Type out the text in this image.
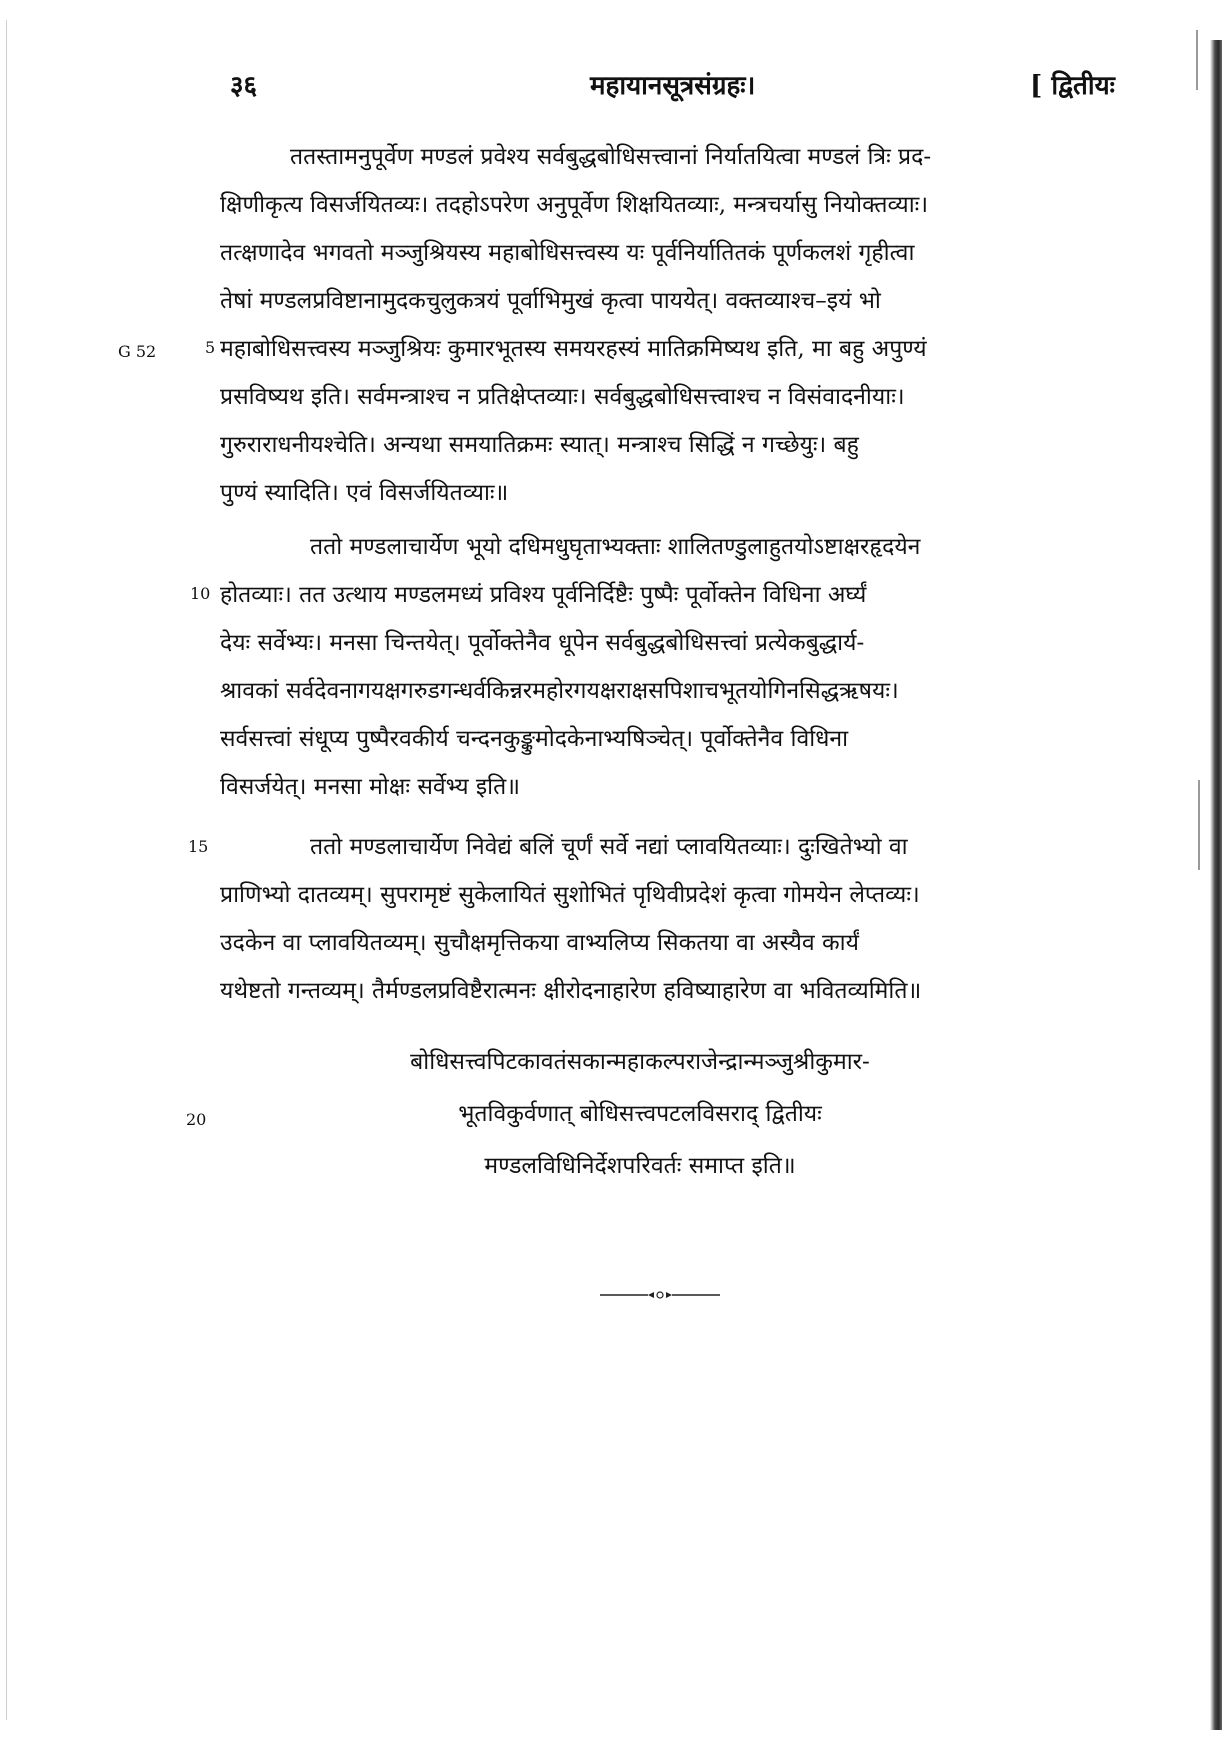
३६	महायानसूत्रसंग्रहः।	[ द्वितीयः
G 52	5
10
15
20
ततस्तामनुपूर्वेण मण्डलं प्रवेश्य सर्वबुद्धबोधिसत्त्वानां निर्यातयित्वा मण्डलं त्रिः प्रद-
क्षिणीकृत्य विसर्जयितव्यः। तदहोऽपरेण अनुपूर्वेण शिक्षयितव्याः, मन्त्रचर्यासु नियोक्तव्याः।
तत्क्षणादेव भगवतो मञ्जुश्रियस्य महाबोधिसत्त्वस्य यः पूर्वनिर्यातितकं पूर्णकलशं गृहीत्वा
तेषां मण्डलप्रविष्टानामुदकचुलुकत्रयं पूर्वाभिमुखं कृत्वा पाययेत्। वक्तव्याश्च–इयं भो
महाबोधिसत्त्वस्य मञ्जुश्रियः कुमारभूतस्य समयरहस्यं मातिक्रमिष्यथ इति, मा बहु अपुण्यं
प्रसविष्यथ इति। सर्वमन्त्राश्च न प्रतिक्षेप्तव्याः। सर्वबुद्धबोधिसत्त्वाश्च न विसंवादनीयाः।
गुरुराराधनीयश्चेति। अन्यथा समयातिक्रमः स्यात्। मन्त्राश्च सिद्धिं न गच्छेयुः। बहु
पुण्यं स्यादिति। एवं विसर्जयितव्याः॥
ततो मण्डलाचार्येण भूयो दधिमधुघृताभ्यक्ताः शालितण्डुलाहुतयोऽष्टाक्षरहृदयेन
होतव्याः। तत उत्थाय मण्डलमध्यं प्रविश्य पूर्वनिर्दिष्टैः पुष्पैः पूर्वोक्तेन विधिना अर्घ्यं
देयः सर्वेभ्यः। मनसा चिन्तयेत्। पूर्वोक्तेनैव धूपेन सर्वबुद्धबोधिसत्त्वां प्रत्येकबुद्धार्य-
श्रावकां सर्वदेवनागयक्षगरुडगन्धर्वकिन्नरमहोरगयक्षराक्षसपिशाचभूतयोगिनसिद्धऋषयः।
सर्वसत्त्वां संधूप्य पुष्पैरवकीर्य चन्दनकुङ्कुमोदकेनाभ्यषिञ्चेत्। पूर्वोक्तेनैव विधिना
विसर्जयेत्। मनसा मोक्षः सर्वेभ्य इति॥
ततो मण्डलाचार्येण निवेद्यं बलिं चूर्णं सर्वे नद्यां प्लावयितव्याः। दुःखितेभ्यो वा
प्राणिभ्यो दातव्यम्। सुपरामृष्टं सुकेलायितं सुशोभितं पृथिवीप्रदेशं कृत्वा गोमयेन लेप्तव्यः।
उदकेन वा प्लावयितव्यम्। सुचौक्षमृत्तिकया वाभ्यलिप्य सिकतया वा अस्यैव कार्यं
यथेष्टतो गन्तव्यम्। तैर्मण्डलप्रविष्टैरात्मनः क्षीरोदनाहारेण हविष्याहारेण वा भवितव्यमिति॥
बोधिसत्त्वपिटकावतंसकान्महाकल्पराजेन्द्रान्मञ्जुश्रीकुमार-
भूतविकुर्वणात् बोधिसत्त्वपटलविसराद् द्वितीयः
मण्डलविधिनिर्देशपरिवर्तः समाप्त इति॥
